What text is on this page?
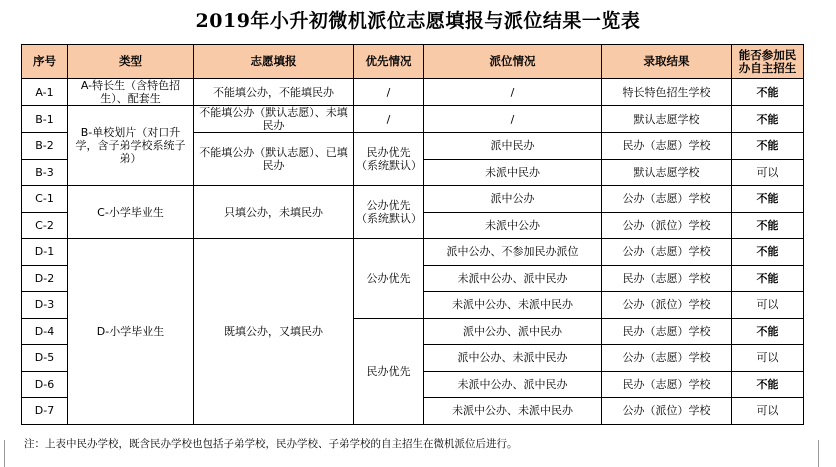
2019年小升初微机派位志愿填报与派位结果一览表
序号	类型	志愿填报	优先情况	派位情况	录取结果	能否参加民办自主招生
A-1	A-特长生（含特色招生）、配套生	不能填公办，不能填民办	/	/	特长特色招生学校	不能
B-1	B-单校划片（对口升学，含子弟学校系统子弟）	不能填公办（默认志愿）、未填民办	/	/	默认志愿学校	不能
B-2		不能填公办（默认志愿）、已填民办	民办优先（系统默认）	派中民办	民办（志愿）学校	不能
B-3				未派中民办	默认志愿学校	可以
C-1	C-小学毕业生	只填公办，未填民办	公办优先（系统默认）	派中公办	公办（志愿）学校	不能
C-2				未派中公办	公办（派位）学校	不能
D-1	D-小学毕业生	既填公办，又填民办	公办优先	派中公办、不参加民办派位	公办（志愿）学校	不能
D-2				未派中公办、派中民办	民办（志愿）学校	不能
D-3				未派中公办、未派中民办	公办（派位）学校	可以
D-4			民办优先	派中公办、派中民办	民办（志愿）学校	不能
D-5				派中公办、未派中民办	公办（志愿）学校	可以
D-6				未派中公办、派中民办	民办（志愿）学校	不能
D-7				未派中公办、未派中民办	公办（派位）学校	可以
注：上表中民办学校，既含民办学校也包括子弟学校，民办学校、子弟学校的自主招生在微机派位后进行。
